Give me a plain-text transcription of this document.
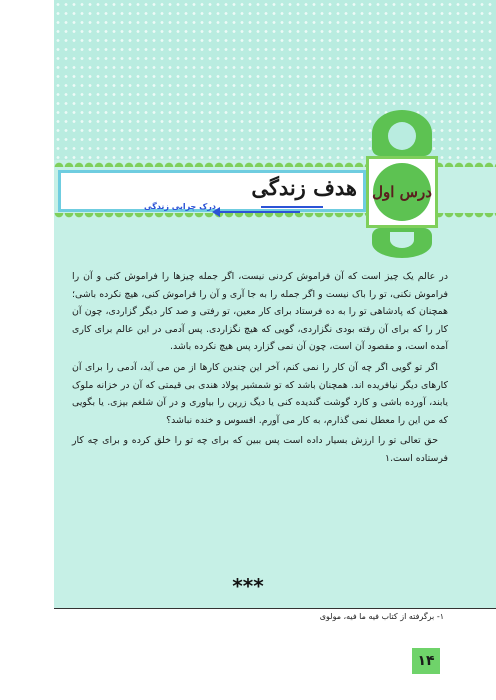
درس اول
هدف زندگی
درک چرایی زندگی

در عالم یک چیز است که آن فراموش کردنی نیست، اگر جمله چیزها را فراموش کنی و آن را فراموش نکنی، تو را باک نیست و اگر جمله را به جا آری و آن را فراموش کنی، هیچ نکرده باشی؛ همچنان که پادشاهی تو را به ده فرستاد برای کار معین، تو رفتی و صد کار دیگر گزاردی، چون آن کار را که برای آن رفته بودی نگزاردی، گویی که هیچ نگزاردی. پس آدمی در این عالم برای کاری آمده است، و مقصود آن است، چون آن نمی گزارد پس هیچ نکرده باشد.

اگر تو گویی اگر چه آن کار را نمی کنم، آخر این چندین کارها از من می آید، آدمی را برای آن کارهای دیگر نیافریده اند. همچنان باشد که تو شمشیر پولاد هندی بی قیمتی که آن در خزانه ملوک یابند، آورده باشی و کارد گوشت گندیده کنی یا دیگ زرین را بیاوری و در آن شلغم بپزی. یا بگویی که من این را معطل نمی گذارم، به کار می آورم. افسوس و خنده نباشد؟

حق تعالی تو را ارزش بسیار داده است پس ببین که برای چه تو را خلق کرده و برای چه کار فرستاده است.۱

***
۱- برگرفته از کتاب فیه ما فیه، مولوی
۱۴
